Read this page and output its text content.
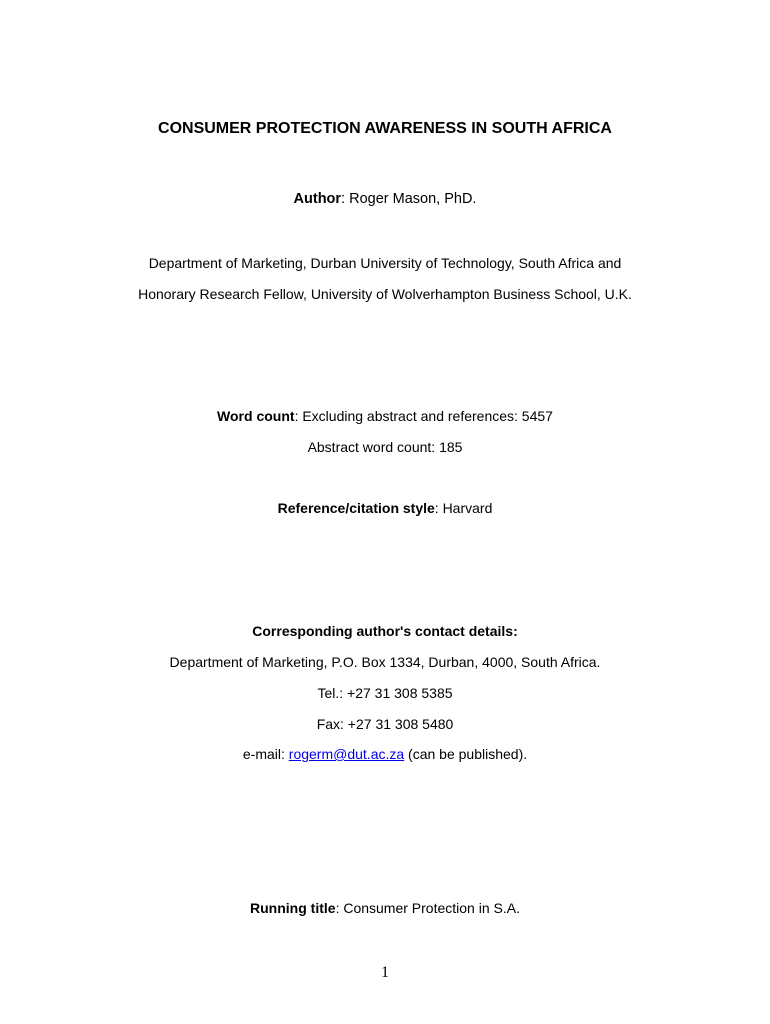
CONSUMER PROTECTION AWARENESS IN SOUTH AFRICA
Author: Roger Mason, PhD.
Department of Marketing, Durban University of Technology, South Africa and
Honorary Research Fellow, University of Wolverhampton Business School, U.K.
Word count: Excluding abstract and references: 5457
Abstract word count: 185
Reference/citation style: Harvard
Corresponding author's contact details:
Department of Marketing, P.O. Box 1334, Durban, 4000, South Africa.
Tel.: +27 31 308 5385
Fax: +27 31 308 5480
e-mail: rogerm@dut.ac.za (can be published).
Running title: Consumer Protection in S.A.
1
